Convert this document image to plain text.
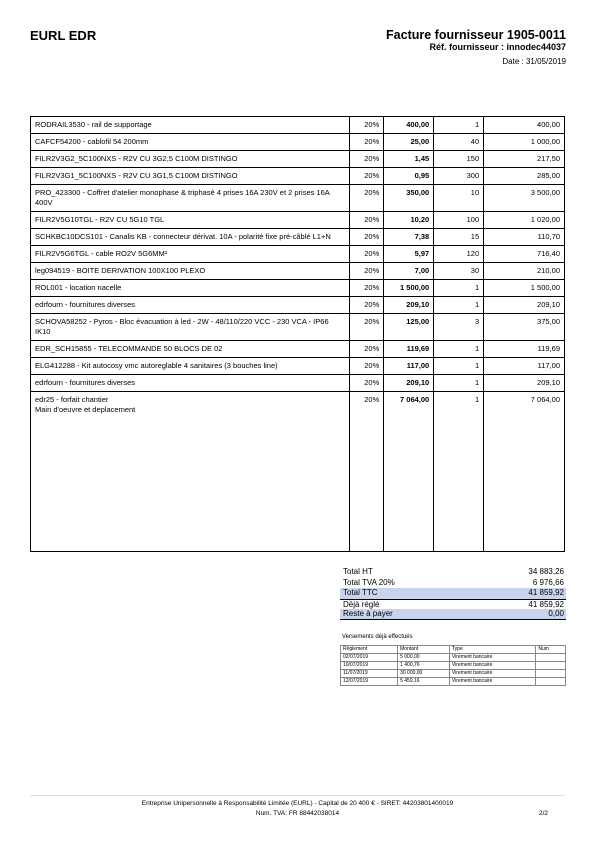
EURL EDR	Facture fournisseur 1905-0011
Réf. fournisseur : innodec44037
Date : 31/05/2019
RODRAIL3530 - rail de supportage	20%	400,00	1	400,00

CAFCF54200 - cablofil 54 200mm	20%	25,00	40	1 000,00

FILR2V3G2_5C100NXS - R2V CU 3G2,5 C100M DISTINGO	20%	1,45	150	217,50

FILR2V3G1_5C100NXS - R2V CU 3G1,5 C100M DISTINGO	20%	0,95	300	285,00

PRO_423300 - Coffret d'atelier monophase & triphasé 4 prises 16A 230V et 2 prises 16A 400V	20%	350,00	10	3 500,00

FILR2V5G10TGL - R2V CU 5G10 TGL	20%	10,20	100	1 020,00

SCHKBC10DCS101 - Canalis KB - connecteur dérivat. 10A - polarité fixe pré-câblé L1+N	20%	7,38	15	110,70

FILR2V5G6TGL - cable RO2V 5G6MM²	20%	5,97	120	716,40

leg094519 - BOITE DERIVATION 100X100 PLEXO	20%	7,00	30	210,00

ROL001 - location nacelle	20%	1 500,00	1	1 500,00

edrfourn - fournitures diverses	20%	209,10	1	209,10

SCHOVA58252 - Pyros - Bloc évacuation à led - 2W - 48/110/220 VCC - 230 VCA - IP66 IK10	20%	125,00	3	375,00

EDR_SCH15855 - TELECOMMANDE 50 BLOCS DE 02	20%	119,69	1	119,69

ELG412288 - Kit autocosy vmc autoreglable 4 sanitaires (3 bouches line)	20%	117,00	1	117,00

edrfourn - fournitures diverses	20%	209,10	1	209,10

edr25 - forfait chantier
Main d'oeuvre et deplacement	20%	7 064,00	1	7 064,00
Total HT	34 883,26
Total TVA 20%	6 976,66
Total TTC	41 859,92
Déjà réglé	41 859,92
Reste à payer	0,00
Versements déjà effectués
Règlement	Montant	Type	Num
02/07/2019	5 000,00	Virement bancaire	
10/07/2019	1 400,76	Virement bancaire	
11/07/2019	30 000,00	Virement bancaire	
12/07/2019	5 459,16	Virement bancaire	
Entreprise Unipersonnelle à Responsabilité Limitée (EURL) - Capital de 20 400 € - SIRET: 44203801400019
Num. TVA: FR 88442038014	2/2
